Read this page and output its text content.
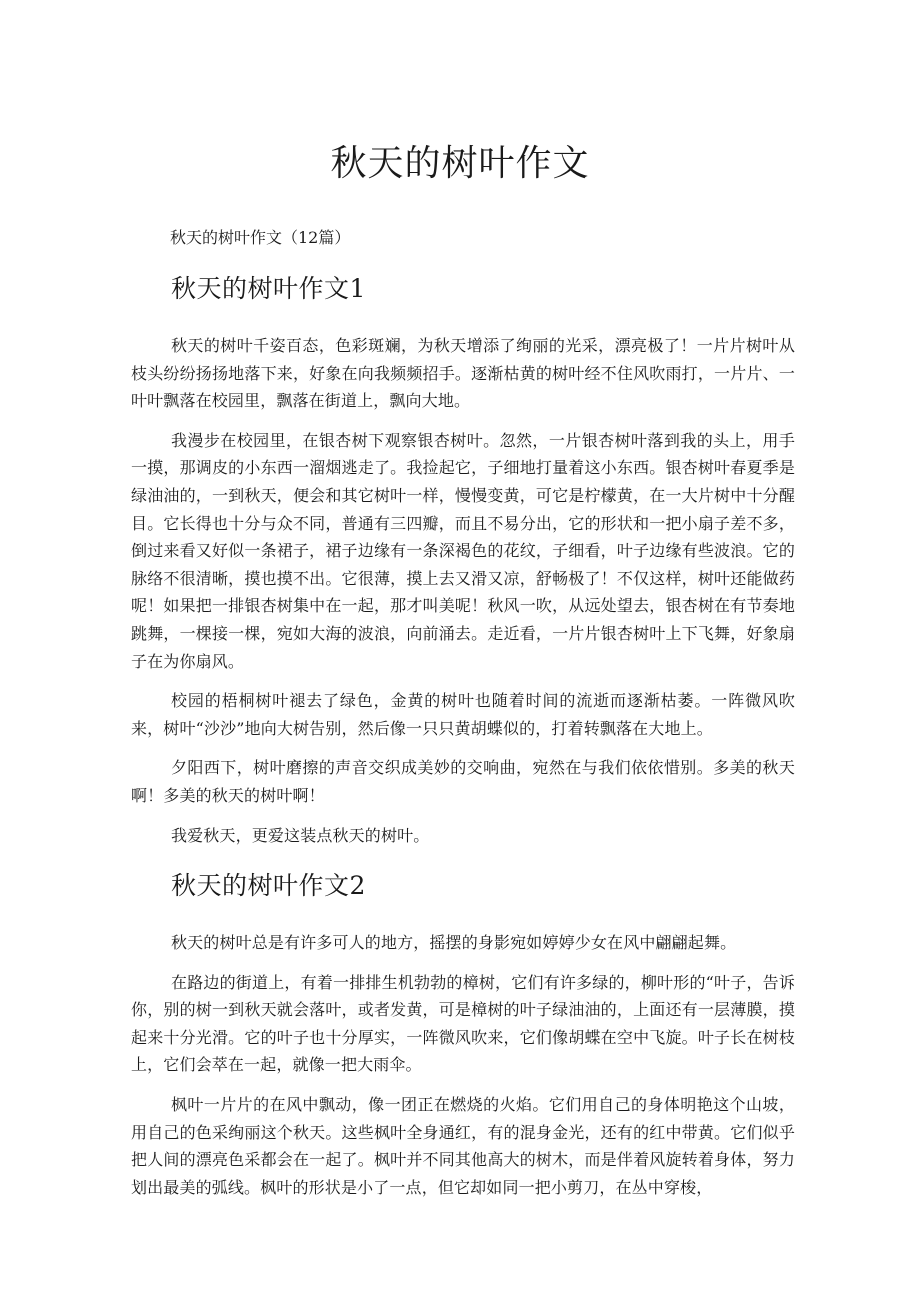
秋天的树叶作文

秋天的树叶作文（12篇）

秋天的树叶作文1

秋天的树叶千姿百态，色彩斑斓，为秋天增添了绚丽的光采，漂亮极了！一片片树叶从枝头纷纷扬扬地落下来，好象在向我频频招手。逐渐枯黄的树叶经不住风吹雨打，一片片、一叶叶飘落在校园里，飘落在街道上，飘向大地。

我漫步在校园里，在银杏树下观察银杏树叶。忽然，一片银杏树叶落到我的头上，用手一摸，那调皮的小东西一溜烟逃走了。我捡起它，子细地打量着这小东西。银杏树叶春夏季是绿油油的，一到秋天，便会和其它树叶一样，慢慢变黄，可它是柠檬黄，在一大片树中十分醒目。它长得也十分与众不同，普通有三四瓣，而且不易分出，它的形状和一把小扇子差不多，倒过来看又好似一条裙子，裙子边缘有一条深褐色的花纹，子细看，叶子边缘有些波浪。它的脉络不很清晰，摸也摸不出。它很薄，摸上去又滑又凉，舒畅极了！不仅这样，树叶还能做药呢！如果把一排银杏树集中在一起，那才叫美呢！秋风一吹，从远处望去，银杏树在有节奏地跳舞，一棵接一棵，宛如大海的波浪，向前涌去。走近看，一片片银杏树叶上下飞舞，好象扇子在为你扇风。

校园的梧桐树叶褪去了绿色，金黄的树叶也随着时间的流逝而逐渐枯萎。一阵微风吹来，树叶“沙沙”地向大树告别，然后像一只只黄胡蝶似的，打着转飘落在大地上。

夕阳西下，树叶磨擦的声音交织成美妙的交响曲，宛然在与我们依依惜别。多美的秋天啊！多美的秋天的树叶啊！

我爱秋天，更爱这装点秋天的树叶。

秋天的树叶作文2

秋天的树叶总是有许多可人的地方，摇摆的身影宛如婷婷少女在风中翩翩起舞。

在路边的街道上，有着一排排生机勃勃的樟树，它们有许多绿的，柳叶形的“叶子，告诉你，别的树一到秋天就会落叶，或者发黄，可是樟树的叶子绿油油的，上面还有一层薄膜，摸起来十分光滑。它的叶子也十分厚实，一阵微风吹来，它们像胡蝶在空中飞旋。叶子长在树枝上，它们会萃在一起，就像一把大雨伞。

枫叶一片片的在风中飘动，像一团正在燃烧的火焰。它们用自己的身体明艳这个山坡，用自己的色采绚丽这个秋天。这些枫叶全身通红，有的混身金光，还有的红中带黄。它们似乎把人间的漂亮色采都会在一起了。枫叶并不同其他高大的树木，而是伴着风旋转着身体，努力划出最美的弧线。枫叶的形状是小了一点，但它却如同一把小剪刀，在丛中穿梭，
